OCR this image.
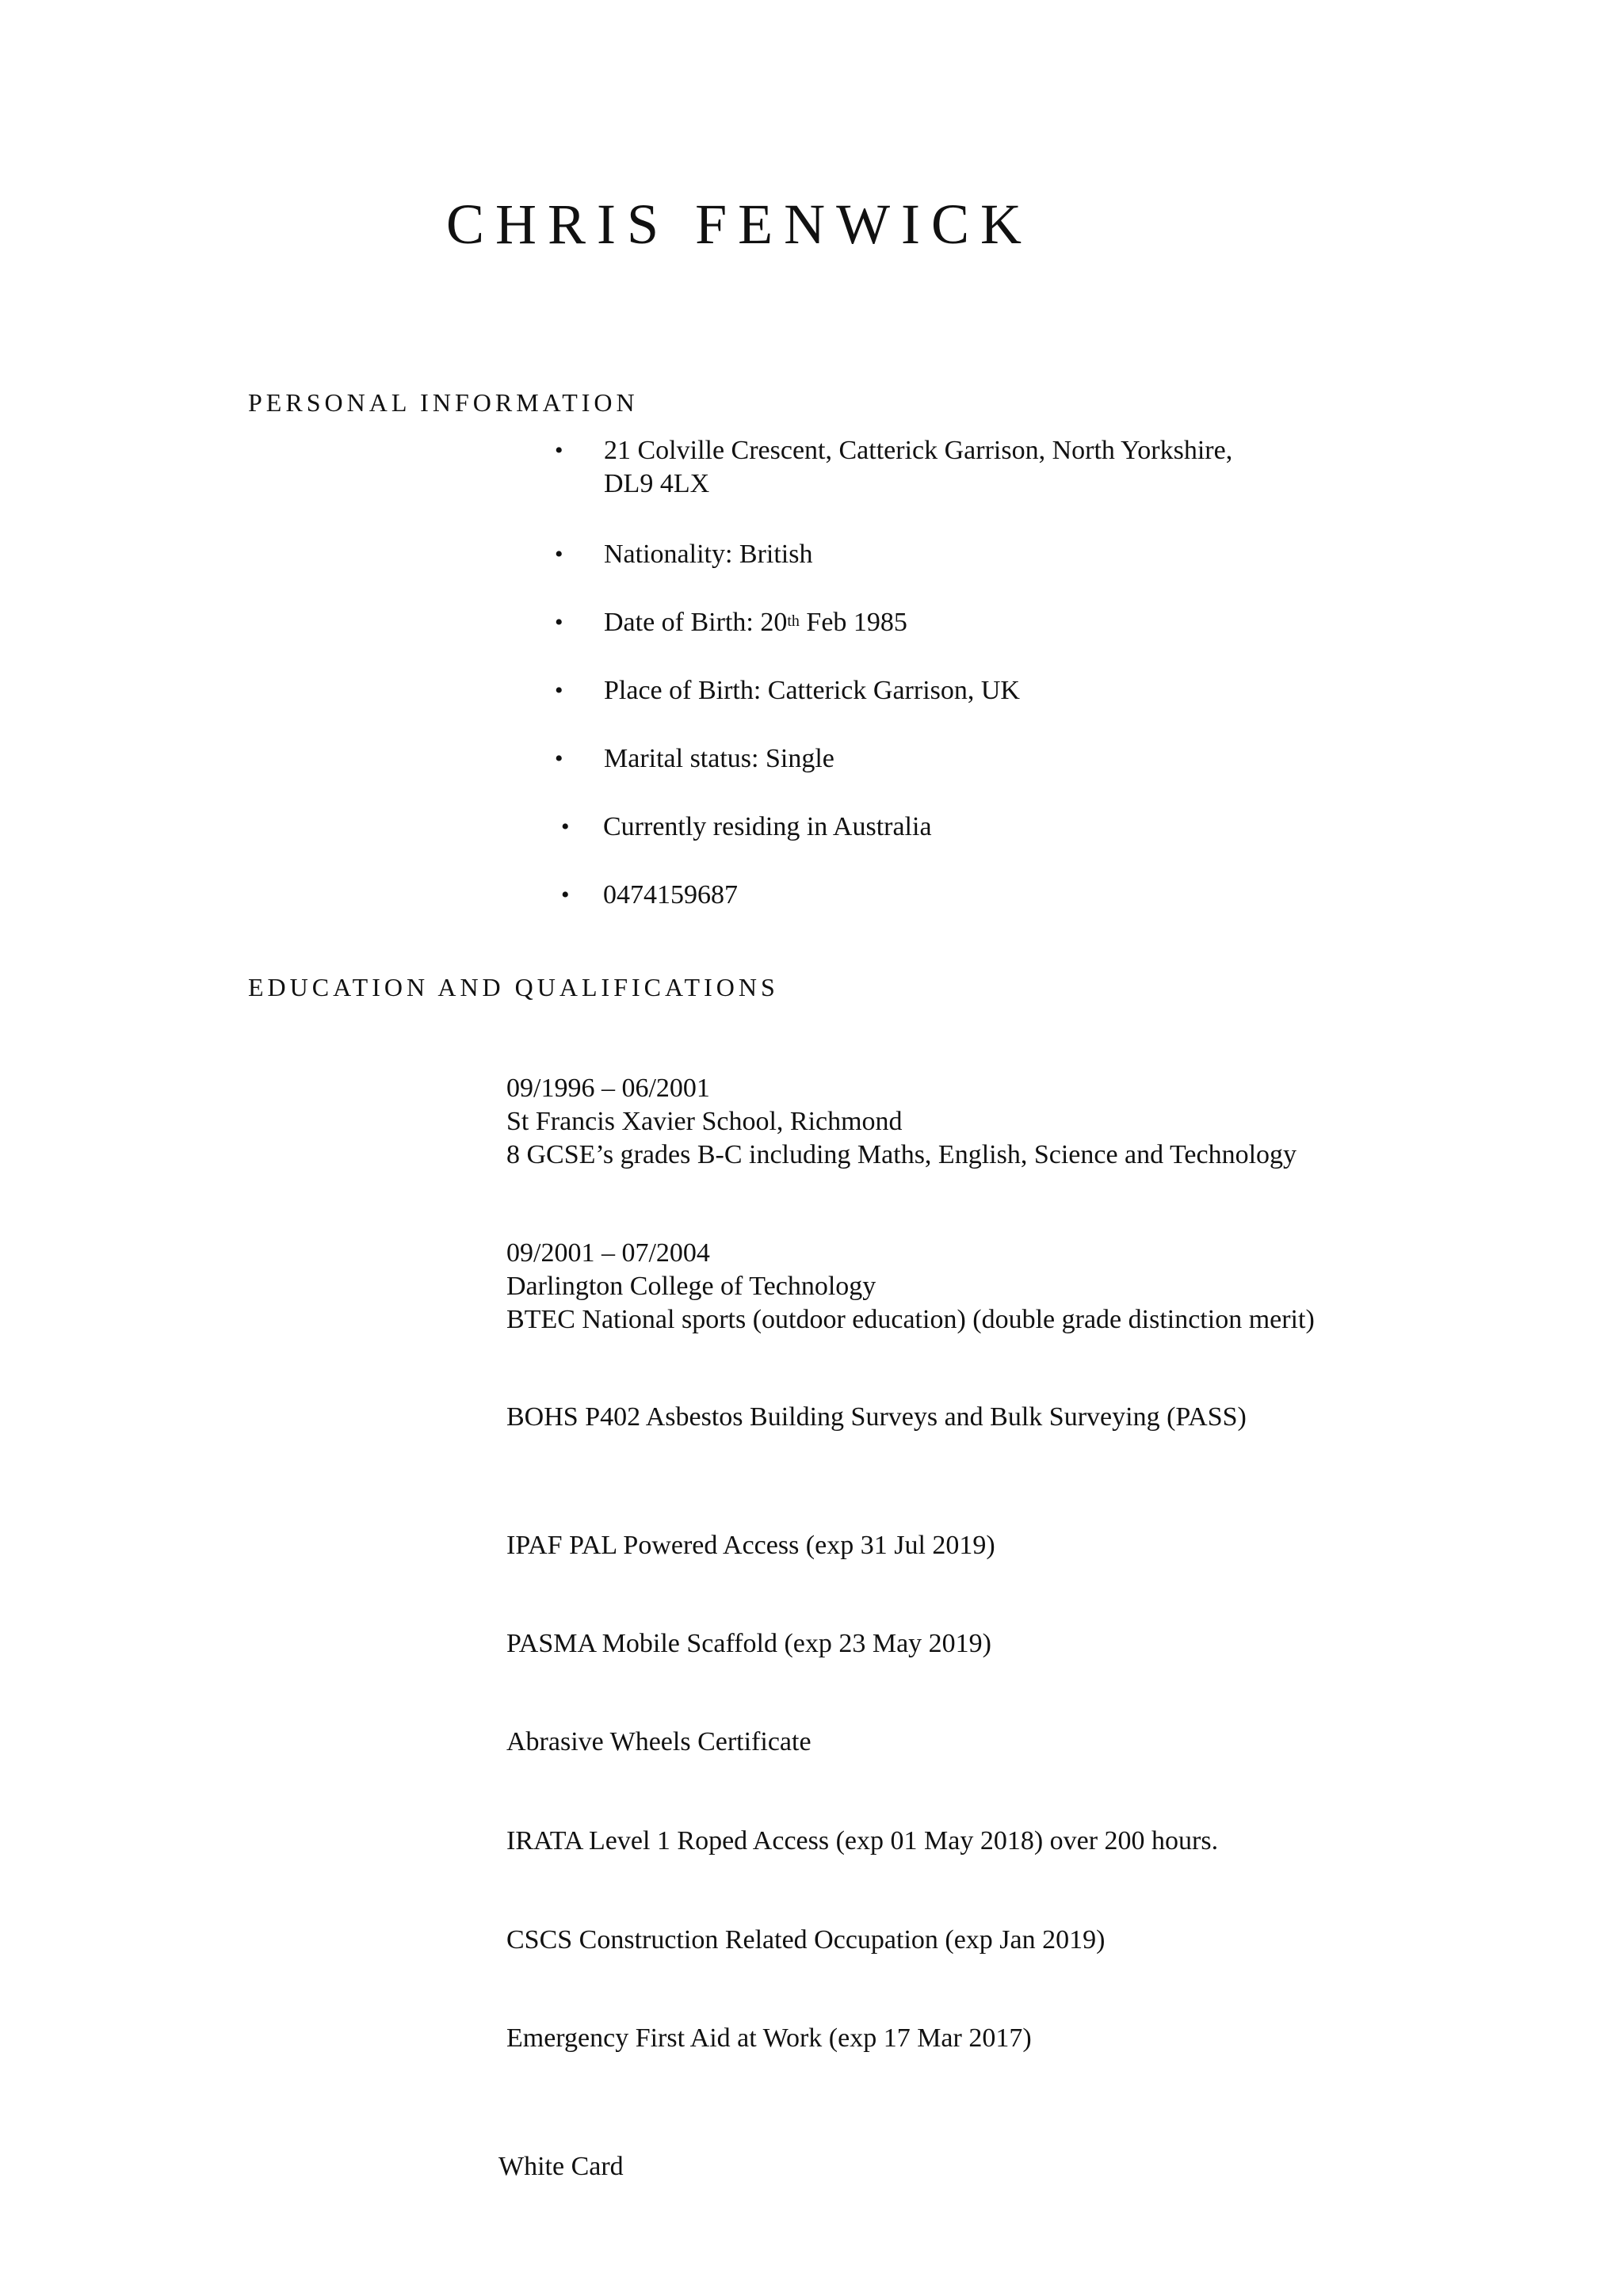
CHRIS FENWICK
PERSONAL INFORMATION
• 21 Colville Crescent, Catterick Garrison, North Yorkshire,
DL9 4LX
• Nationality: British
• Date of Birth: 20th Feb 1985
• Place of Birth: Catterick Garrison, UK
• Marital status: Single
• Currently residing in Australia
• 0474159687
EDUCATION AND QUALIFICATIONS
09/1996 – 06/2001
St Francis Xavier School, Richmond
8 GCSE’s grades B-C including Maths, English, Science and Technology
09/2001 – 07/2004
Darlington College of Technology
BTEC National sports (outdoor education) (double grade distinction merit)
BOHS P402 Asbestos Building Surveys and Bulk Surveying (PASS)
IPAF PAL Powered Access (exp 31 Jul 2019)
PASMA Mobile Scaffold (exp 23 May 2019)
Abrasive Wheels Certificate
IRATA Level 1 Roped Access (exp 01 May 2018) over 200 hours.
CSCS Construction Related Occupation (exp Jan 2019)
Emergency First Aid at Work (exp 17 Mar 2017)
White Card
